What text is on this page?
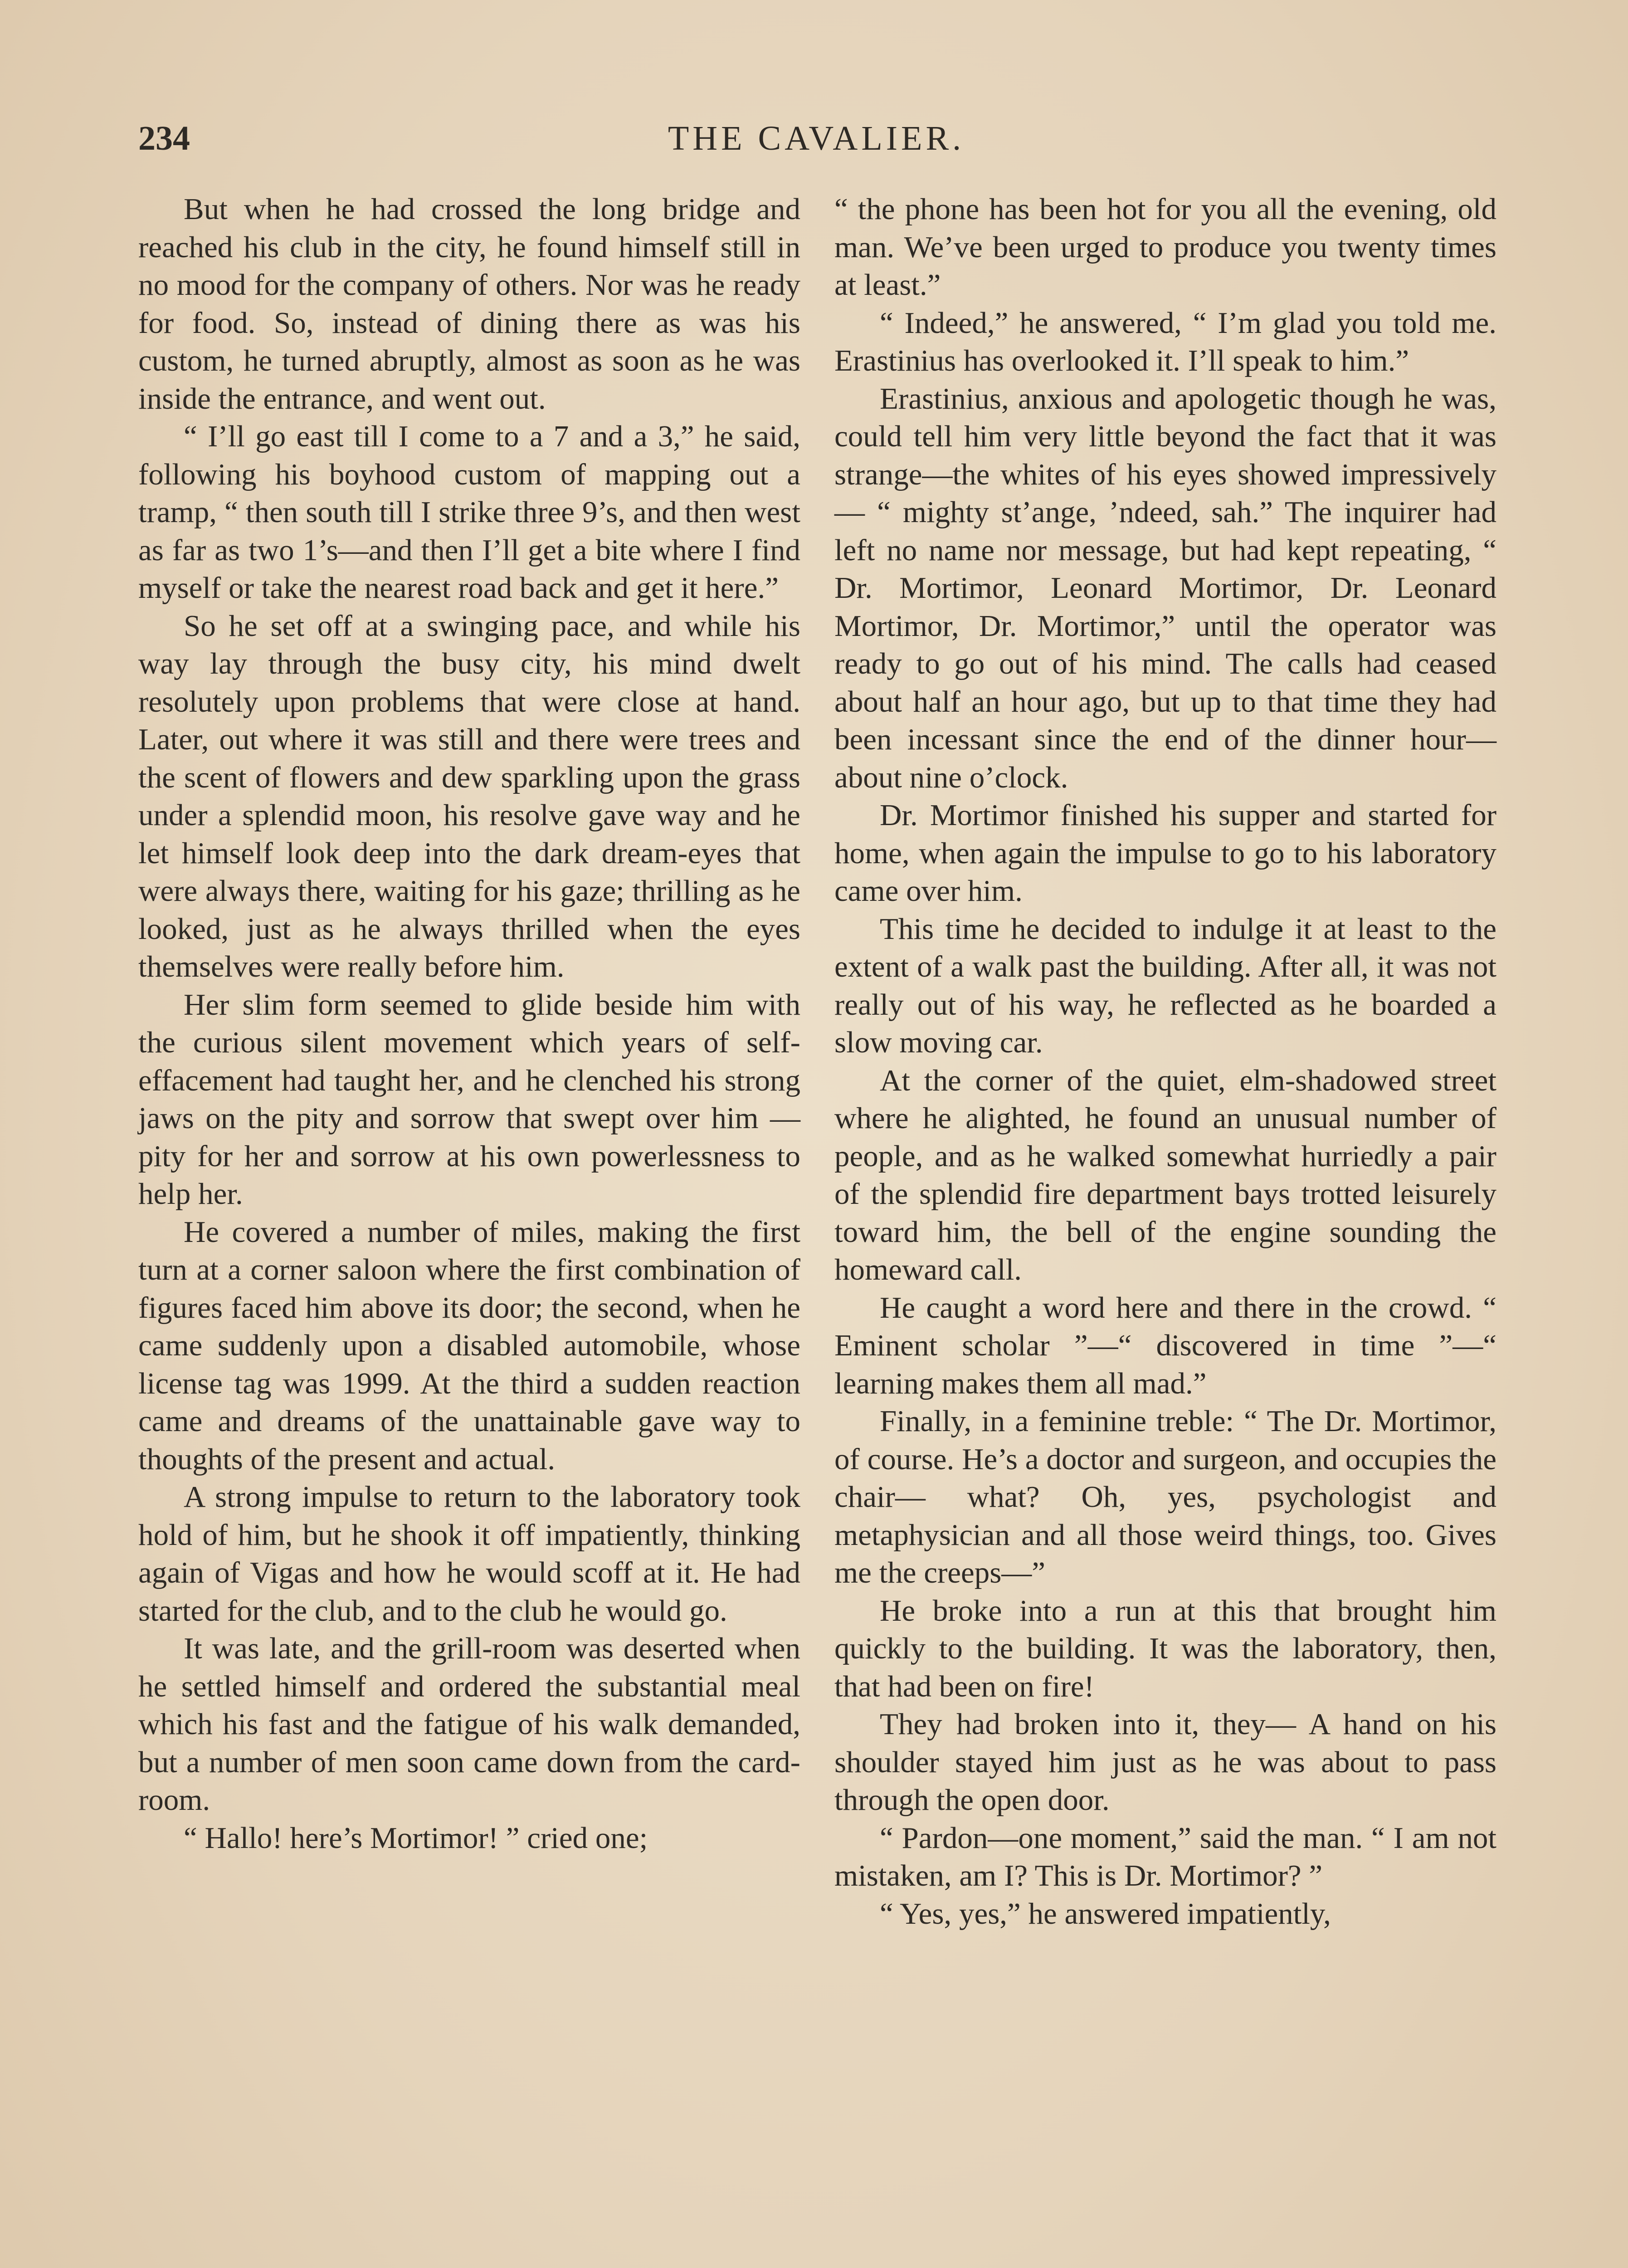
234	THE CAVALIER.

But when he had crossed the long bridge and reached his club in the city, he found himself still in no mood for the company of others. Nor was he ready for food. So, instead of dining there as was his custom, he turned abruptly, almost as soon as he was inside the entrance, and went out.

“ I’ll go east till I come to a 7 and a 3,” he said, following his boyhood custom of mapping out a tramp, “ then south till I strike three 9’s, and then west as far as two 1’s—and then I’ll get a bite where I find myself or take the nearest road back and get it here.”

So he set off at a swinging pace, and while his way lay through the busy city, his mind dwelt resolutely upon problems that were close at hand. Later, out where it was still and there were trees and the scent of flowers and dew sparkling upon the grass under a splendid moon, his resolve gave way and he let himself look deep into the dark dream-eyes that were always there, waiting for his gaze; thrilling as he looked, just as he always thrilled when the eyes themselves were really before him.

Her slim form seemed to glide beside him with the curious silent movement which years of self-effacement had taught her, and he clenched his strong jaws on the pity and sorrow that swept over him —pity for her and sorrow at his own powerlessness to help her.

He covered a number of miles, making the first turn at a corner saloon where the first combination of figures faced him above its door; the second, when he came suddenly upon a disabled automobile, whose license tag was 1999. At the third a sudden reaction came and dreams of the unattainable gave way to thoughts of the present and actual.

A strong impulse to return to the laboratory took hold of him, but he shook it off impatiently, thinking again of Vigas and how he would scoff at it. He had started for the club, and to the club he would go.

It was late, and the grill-room was deserted when he settled himself and ordered the substantial meal which his fast and the fatigue of his walk demanded, but a number of men soon came down from the card-room.

“ Hallo! here’s Mortimor! ” cried one;

“ the phone has been hot for you all the evening, old man. We’ve been urged to produce you twenty times at least.”

“ Indeed,” he answered, “ I’m glad you told me. Erastinius has overlooked it. I’ll speak to him.”

Erastinius, anxious and apologetic though he was, could tell him very little beyond the fact that it was strange—the whites of his eyes showed impressively— “ mighty st’ange, ’ndeed, sah.” The inquirer had left no name nor message, but had kept repeating, “ Dr. Mortimor, Leonard Mortimor, Dr. Leonard Mortimor, Dr. Mortimor,” until the operator was ready to go out of his mind. The calls had ceased about half an hour ago, but up to that time they had been incessant since the end of the dinner hour— about nine o’clock.

Dr. Mortimor finished his supper and started for home, when again the impulse to go to his laboratory came over him.

This time he decided to indulge it at least to the extent of a walk past the building. After all, it was not really out of his way, he reflected as he boarded a slow moving car.

At the corner of the quiet, elm-shadowed street where he alighted, he found an unusual number of people, and as he walked somewhat hurriedly a pair of the splendid fire department bays trotted leisurely toward him, the bell of the engine sounding the homeward call.

He caught a word here and there in the crowd. “ Eminent scholar ”—“ discovered in time ”—“ learning makes them all mad.”

Finally, in a feminine treble: “ The Dr. Mortimor, of course. He’s a doctor and surgeon, and occupies the chair— what? Oh, yes, psychologist and metaphysician and all those weird things, too. Gives me the creeps—”

He broke into a run at this that brought him quickly to the building. It was the laboratory, then, that had been on fire!

They had broken into it, they— A hand on his shoulder stayed him just as he was about to pass through the open door.

“ Pardon—one moment,” said the man. “ I am not mistaken, am I? This is Dr. Mortimor? ”

“ Yes, yes,” he answered impatiently,
